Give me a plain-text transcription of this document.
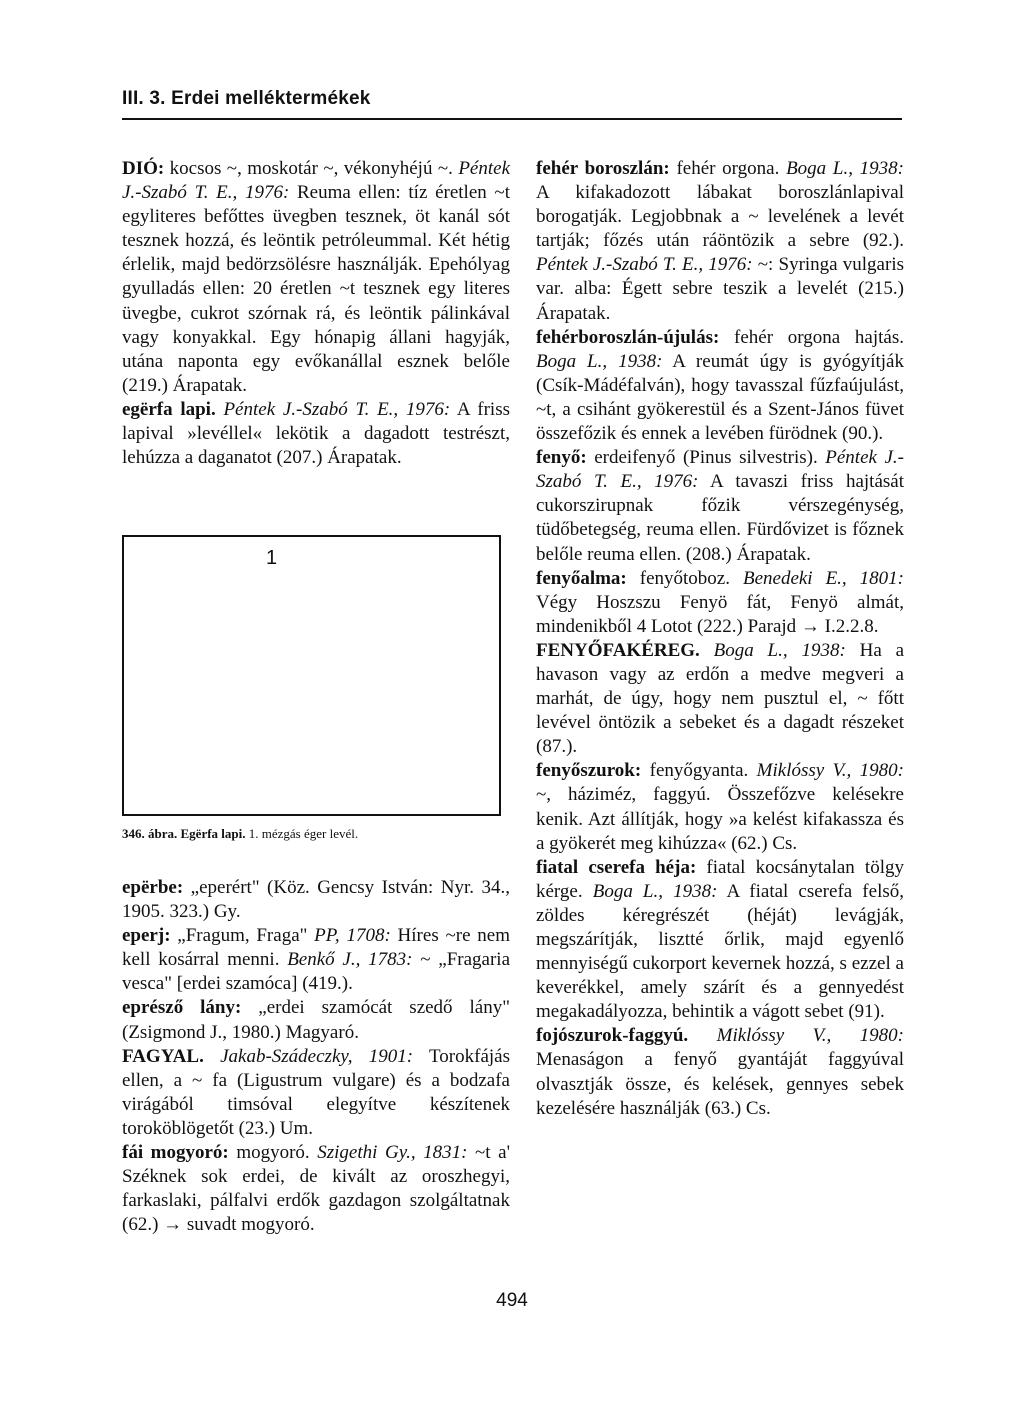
III. 3. Erdei melléktermékek

DIÓ: kocsos ~, moskotár ~, vékonyhéjú ~. Péntek J.-Szabó T. E., 1976: Reuma ellen: tíz éretlen ~t egyliteres befőttes üvegben tesznek, öt kanál sót tesznek hozzá, és leöntik petróleummal. Két hétig érlelik, majd bedörzsölésre használják. Epehólyag gyulladás ellen: 20 éretlen ~t tesznek egy literes üvegbe, cukrot szórnak rá, és leöntik pálinkával vagy konyakkal. Egy hónapig állani hagyják, utána naponta egy evőkanállal esznek belőle (219.) Árapatak.

egërfa lapi. Péntek J.-Szabó T. E., 1976: A friss lapival »levéllel« lekötik a dagadott testrészt, lehúzza a daganatot (207.) Árapatak.

1
346. ábra. Egërfa lapi. 1. mézgás éger levél.

epërbe: „eperért" (Köz. Gencsy István: Nyr. 34., 1905. 323.) Gy.

eperj: „Fragum, Fraga" PP, 1708: Híres ~re nem kell kosárral menni. Benkő J., 1783: ~ „Fragaria vesca" [erdei szamóca] (419.).

eprésző lány: „erdei szamócát szedő lány" (Zsigmond J., 1980.) Magyaró.

FAGYAL. Jakab-Szádeczky, 1901: Torokfájás ellen, a ~ fa (Ligustrum vulgare) és a bodzafa virágából timsóval elegyítve készítenek toroköblögetőt (23.) Um.

fái mogyoró: mogyoró. Szigethi Gy., 1831: ~t a' Széknek sok erdei, de kivált az oroszhegyi, farkaslaki, pálfalvi erdők gazdagon szolgáltatnak (62.) → suvadt mogyoró.

fehér boroszlán: fehér orgona. Boga L., 1938: A kifakadozott lábakat boroszlánlapival borogatják. Legjobbnak a ~ levelének a levét tartják; főzés után ráöntözik a sebre (92.). Péntek J.-Szabó T. E., 1976: ~: Syringa vulgaris var. alba: Égett sebre teszik a levelét (215.) Árapatak.

fehérboroszlán-újulás: fehér orgona hajtás. Boga L., 1938: A reumát úgy is gyógyítják (Csík-Mádéfalván), hogy tavasszal fűzfaújulást, ~t, a csihánt gyökerestül és a Szent-János füvet összefőzik és ennek a levében fürödnek (90.).

fenyő: erdeifenyő (Pinus silvestris). Péntek J.-Szabó T. E., 1976: A tavaszi friss hajtását cukorszirupnak főzik vérszegénység, tüdőbetegség, reuma ellen. Fürdővizet is főznek belőle reuma ellen. (208.) Árapatak.

fenyőalma: fenyőtoboz. Benedeki E., 1801: Végy Hoszszu Fenyö fát, Fenyö almát, mindenikből 4 Lotot (222.) Parajd → I.2.2.8.

FENYŐFAKÉREG. Boga L., 1938: Ha a havason vagy az erdőn a medve megveri a marhát, de úgy, hogy nem pusztul el, ~ főtt levével öntözik a sebeket és a dagadt részeket (87.).

fenyőszurok: fenyőgyanta. Miklóssy V., 1980: ~, háziméz, faggyú. Összefőzve kelésekre kenik. Azt állítják, hogy »a kelést kifakassza és a gyökerét meg kihúzza« (62.) Cs.

fiatal cserefa héja: fiatal kocsánytalan tölgy kérge. Boga L., 1938: A fiatal cserefa felső, zöldes kéregrészét (héját) levágják, megszárítják, lisztté őrlik, majd egyenlő mennyiségű cukorport kevernek hozzá, s ezzel a keverékkel, amely szárít és a gennyedést megakadályozza, behintik a vágott sebet (91).

fojószurok-faggyú. Miklóssy V., 1980: Menaságon a fenyő gyantáját faggyúval olvasztják össze, és kelések, gennyes sebek kezelésére használják (63.) Cs.

494
